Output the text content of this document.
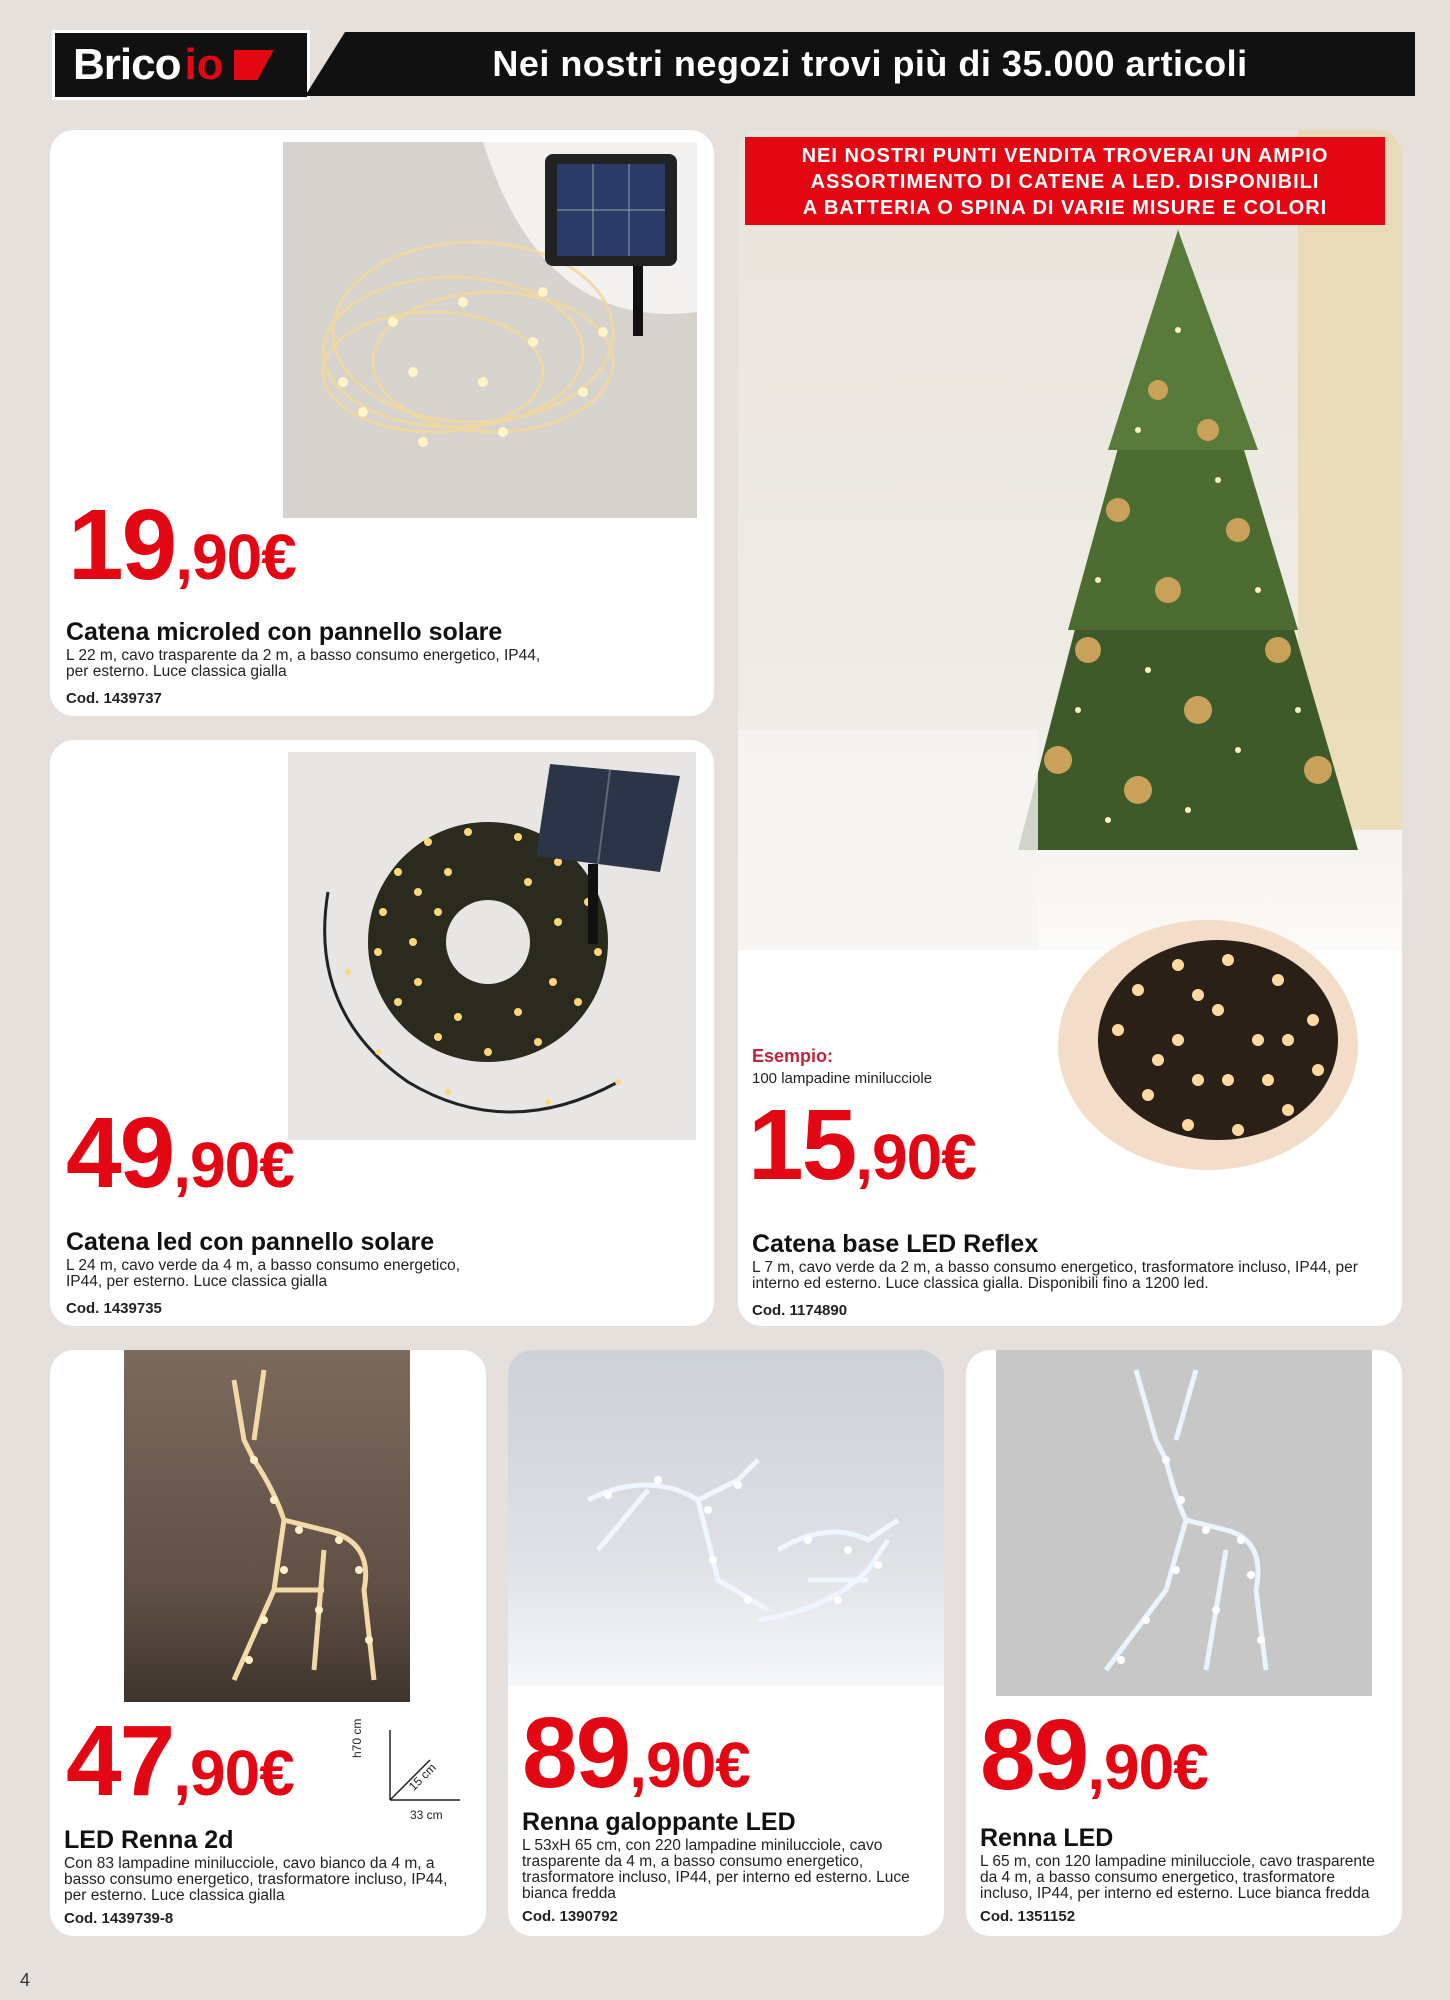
Brico io	Nei nostri negozi trovi più di 35.000 articoli
19,90€
Catena microled con pannello solare
L 22 m, cavo trasparente da 2 m, a basso consumo energetico, IP44, per esterno. Luce classica gialla
Cod. 1439737
49,90€
Catena led con pannello solare
L 24 m, cavo verde da 4 m, a basso consumo energetico, IP44, per esterno. Luce classica gialla
Cod. 1439735
NEI NOSTRI PUNTI VENDITA TROVERAI UN AMPIO
ASSORTIMENTO DI CATENE A LED. DISPONIBILI
A BATTERIA O SPINA DI VARIE MISURE E COLORI
Esempio:
100 lampadine minilucciole
15,90€
Catena base LED Reflex
L 7 m, cavo verde da 2 m, a basso consumo energetico, trasformatore incluso, IP44, per interno ed esterno. Luce classica gialla. Disponibili fino a 1200 led.
Cod. 1174890
47,90€	h70 cm
15 cm
33 cm
LED Renna 2d
Con 83 lampadine minilucciole, cavo bianco da 4 m, a basso consumo energetico, trasformatore incluso, IP44, per esterno. Luce classica gialla
Cod. 1439739-8
89,90€
Renna galoppante LED
L 53xH 65 cm, con 220 lampadine minilucciole, cavo trasparente da 4 m, a basso consumo energetico, trasformatore incluso, IP44, per interno ed esterno. Luce bianca fredda
Cod. 1390792
89,90€
Renna LED
L 65 m, con 120 lampadine minilucciole, cavo trasparente da 4 m, a basso consumo energetico, trasformatore incluso, IP44, per interno ed esterno. Luce bianca fredda
Cod. 1351152
4
